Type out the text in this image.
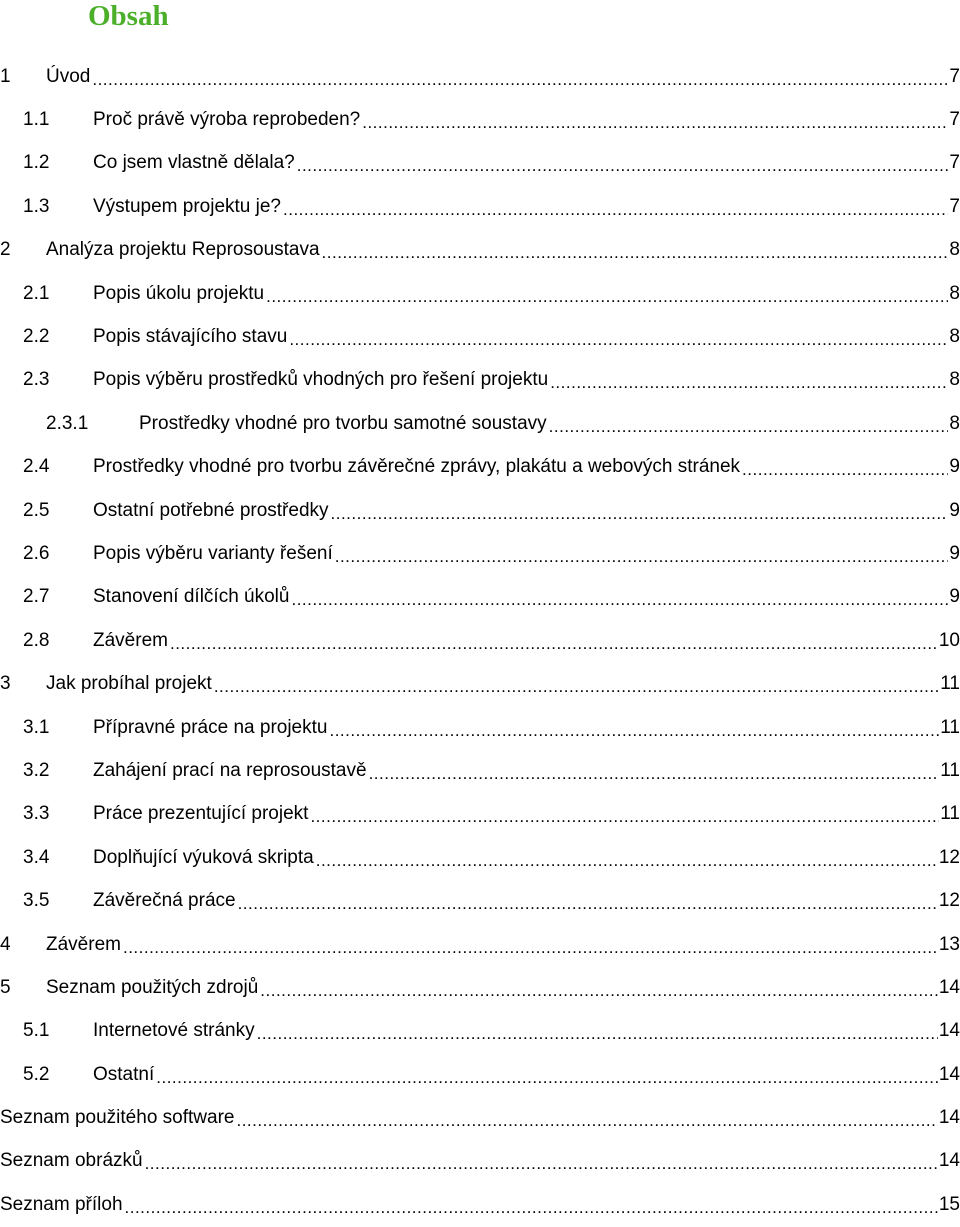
Obsah
1	Úvod .....	7
1.1	Proč právě výroba reprobeden? .....	7
1.2	Co jsem vlastně dělala? .....	7
1.3	Výstupem projektu je? .....	7
2	Analýza projektu Reprosoustava .....	8
2.1	Popis úkolu projektu .....	8
2.2	Popis stávajícího stavu .....	8
2.3	Popis výběru prostředků vhodných pro řešení projektu .....	8
2.3.1	Prostředky vhodné pro tvorbu samotné soustavy .....	8
2.4	Prostředky vhodné pro tvorbu závěrečné zprávy, plakátu a webových stránek .....	9
2.5	Ostatní potřebné prostředky .....	9
2.6	Popis výběru varianty řešení .....	9
2.7	Stanovení dílčích úkolů .....	9
2.8	Závěrem .....	10
3	Jak probíhal projekt .....	11
3.1	Přípravné práce na projektu .....	11
3.2	Zahájení prací na reprosoustavě .....	11
3.3	Práce prezentující projekt .....	11
3.4	Doplňující výuková skripta .....	12
3.5	Závěrečná práce .....	12
4	Závěrem .....	13
5	Seznam použitých zdrojů .....	14
5.1	Internetové stránky .....	14
5.2	Ostatní .....	14
Seznam použitého software .....	14
Seznam obrázků .....	14
Seznam příloh .....	15
